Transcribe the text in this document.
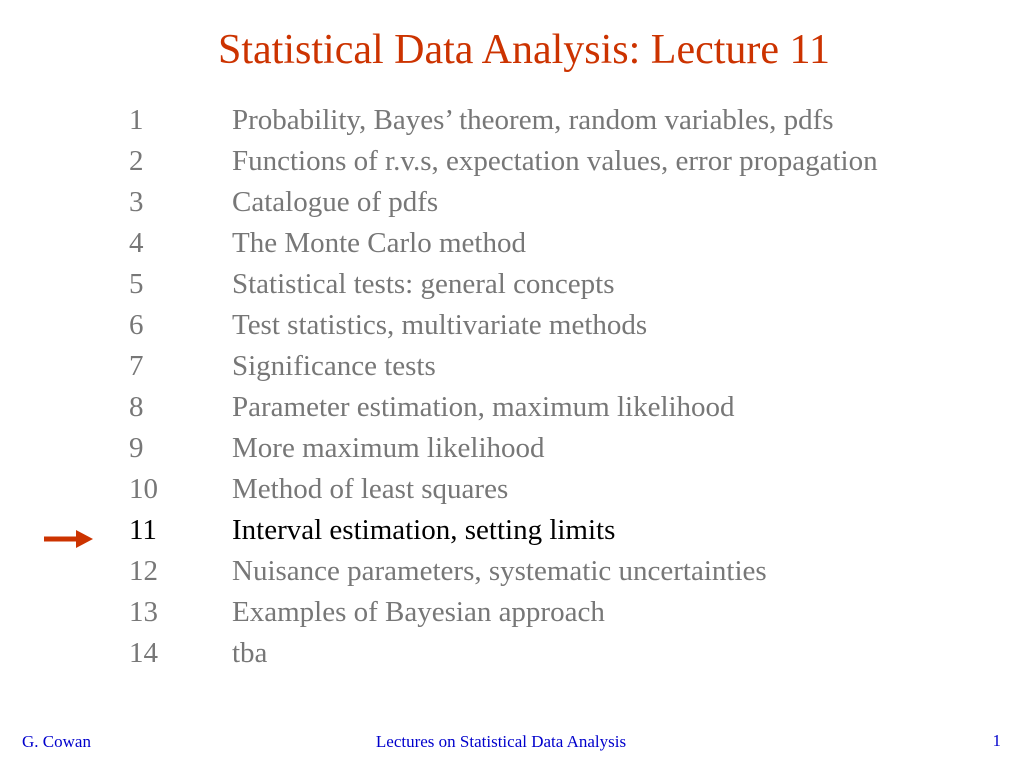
Statistical Data Analysis: Lecture 11
1	Probability, Bayes’ theorem, random variables, pdfs
2	Functions of r.v.s, expectation values, error propagation
3	Catalogue of pdfs
4	The Monte Carlo method
5	Statistical tests: general concepts
6	Test statistics, multivariate methods
7	Significance tests
8	Parameter estimation, maximum likelihood
9	More maximum likelihood
10	Method of least squares
11	Interval estimation, setting limits
12	Nuisance parameters, systematic uncertainties
13	Examples of Bayesian approach
14	tba
G. Cowan	Lectures on Statistical Data Analysis	1
